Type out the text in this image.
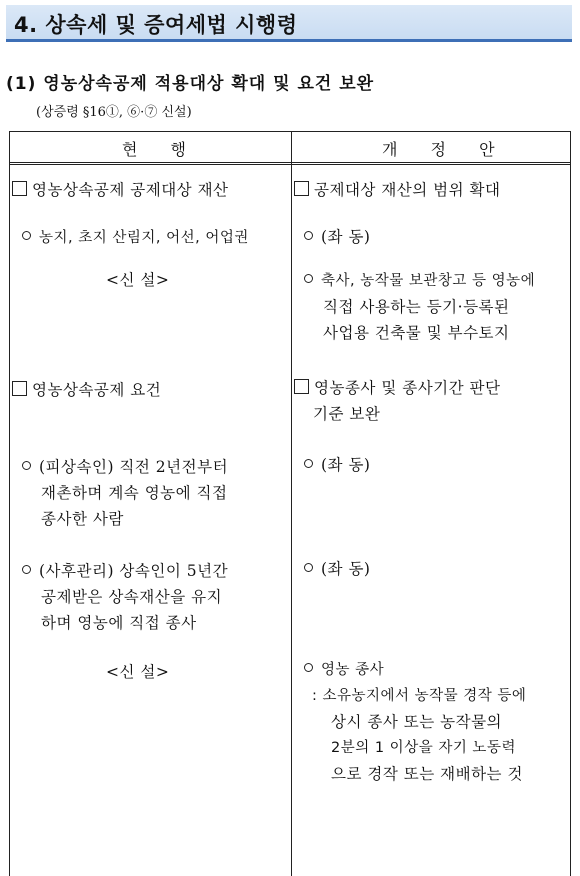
4. 상속세 및 증여세법 시행령
(1) 영농상속공제 적용대상 확대 및 요건 보완
(상증령 §16①, ⑥·⑦ 신설)
현 행	개 정 안
영농상속공제 공제대상 재산
농지, 초지 산림지, 어선, 어업권
<신 설>
영농상속공제 요건
(피상속인) 직전 2년전부터
재촌하며 계속 영농에 직접
종사한 사람
(사후관리) 상속인이 5년간
공제받은 상속재산을 유지
하며 영농에 직접 종사
<신 설>
공제대상 재산의 범위 확대
(좌 동)
축사, 농작물 보관창고 등 영농에
직접 사용하는 등기·등록된
사업용 건축물 및 부수토지
영농종사 및 종사기간 판단
기준 보완
(좌 동)
(좌 동)
영농 종사
: 소유농지에서 농작물 경작 등에
상시 종사 또는 농작물의
2분의 1 이상을 자기 노동력
으로 경작 또는 재배하는 것
